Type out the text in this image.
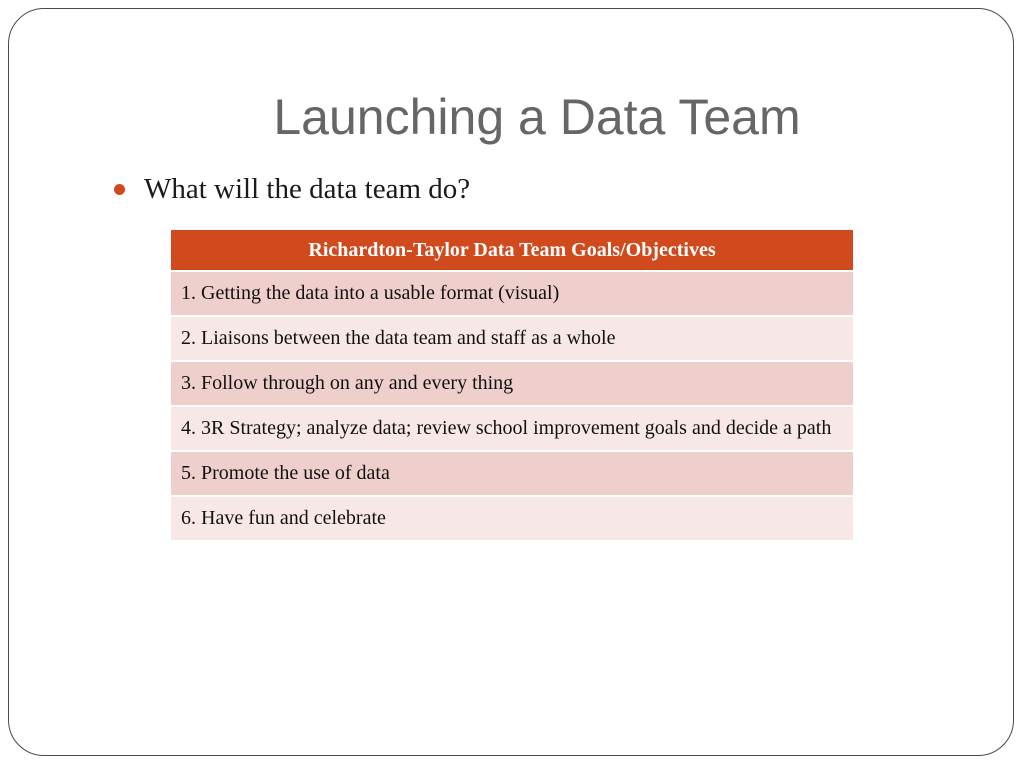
Launching a Data Team
What will the data team do?
Richardton-Taylor Data Team Goals/Objectives
1. Getting the data into a usable format (visual)
2. Liaisons between the data team and staff as a whole
3. Follow through on any and every thing
4. 3R Strategy; analyze data; review school improvement goals and decide a path
5. Promote the use of data
6. Have fun and celebrate
